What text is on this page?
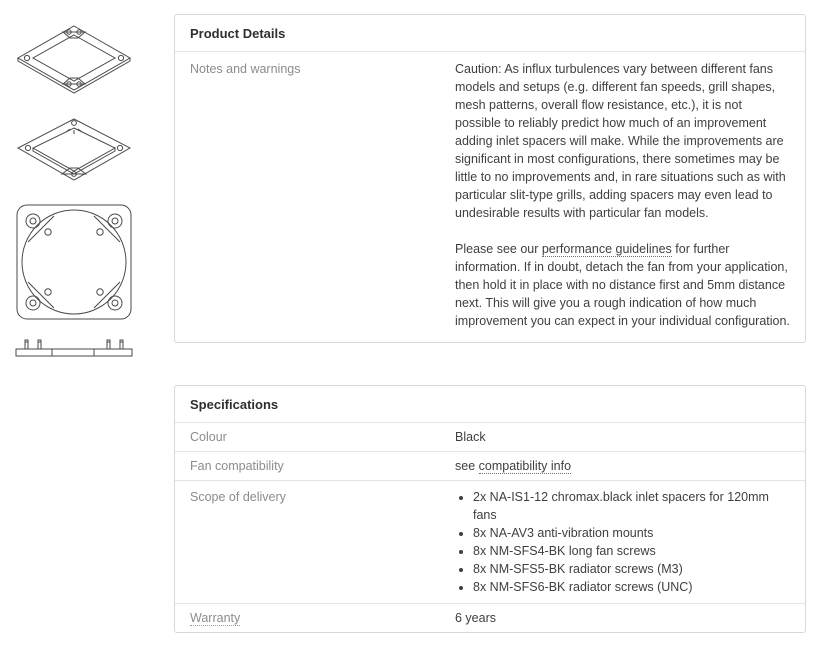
Product Details
Notes and warnings	Caution: As influx turbulences vary between different fans models and setups (e.g. different fan speeds, grill shapes, mesh patterns, overall flow resistance, etc.), it is not possible to reliably predict how much of an improvement adding inlet spacers will make. While the improvements are significant in most configurations, there sometimes may be little to no improvements and, in rare situations such as with particular slit-type grills, adding spacers may even lead to undesirable results with particular fan models.

Please see our performance guidelines for further information. If in doubt, detach the fan from your application, then hold it in place with no distance first and 5mm distance next. This will give you a rough indication of how much improvement you can expect in your individual configuration.

Specifications
Colour	Black
Fan compatibility	see compatibility info
Scope of delivery	• 2x NA-IS1-12 chromax.black inlet spacers for 120mm fans
• 8x NA-AV3 anti-vibration mounts
• 8x NM-SFS4-BK long fan screws
• 8x NM-SFS5-BK radiator screws (M3)
• 8x NM-SFS6-BK radiator screws (UNC)
Warranty	6 years
